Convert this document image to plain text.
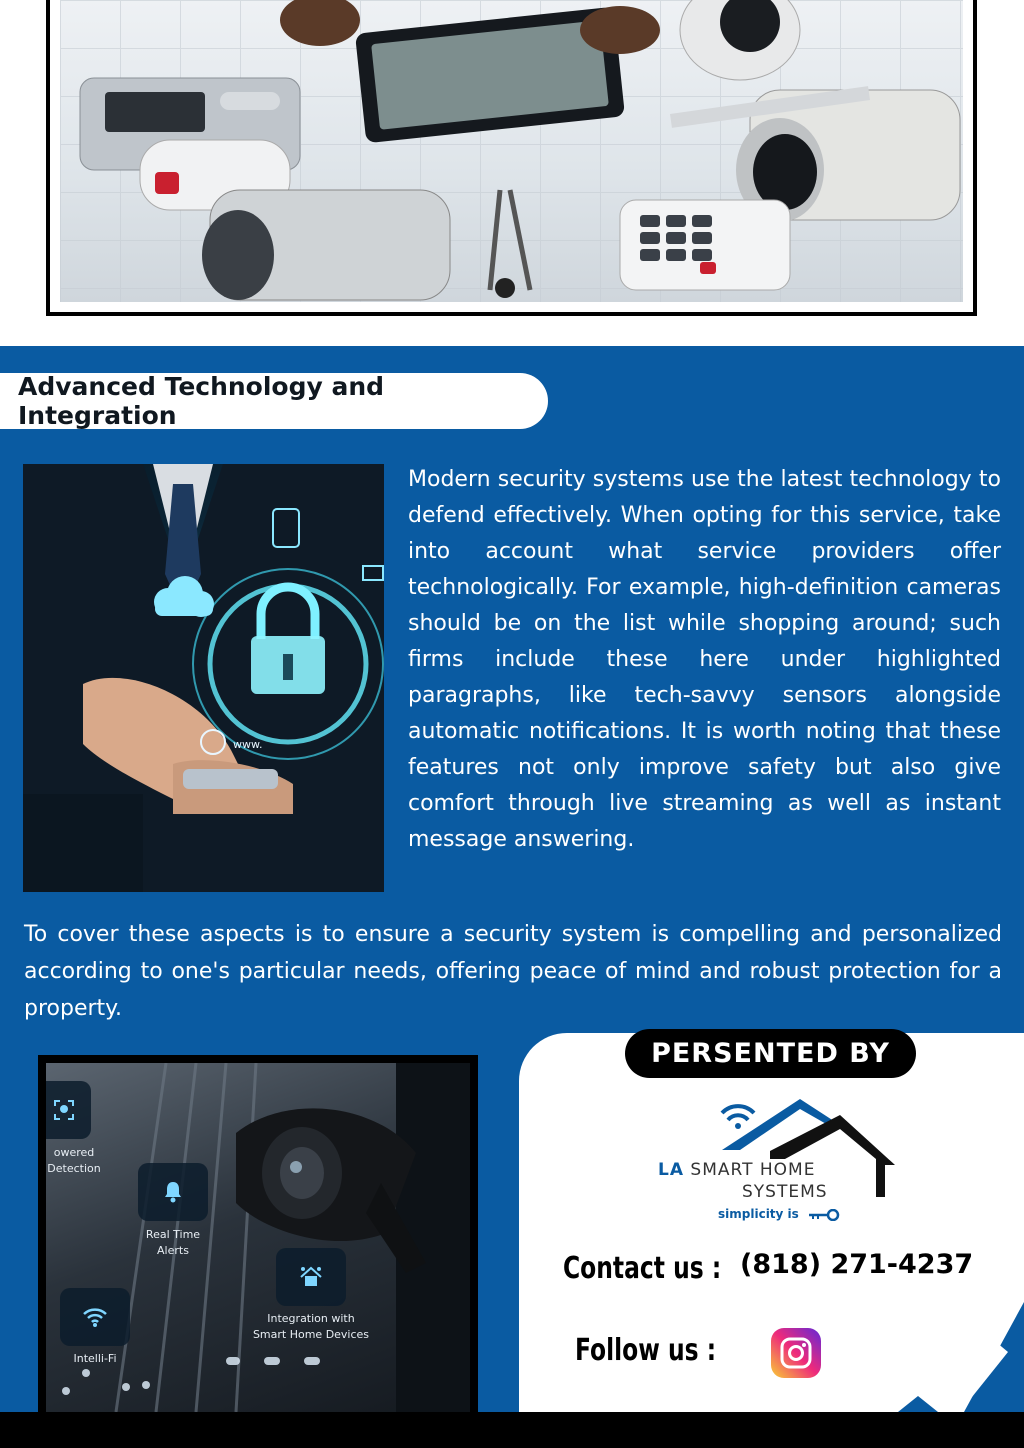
Advanced Technology and Integration
www.

Modern security systems use the latest technology to defend effectively. When opting for this service, take into account what service providers offer technologically. For example, high-definition cameras should be on the list while shopping around; such firms include these here under highlighted paragraphs, like tech-savvy sensors alongside automatic notifications. It is worth noting that these features not only improve safety but also give comfort through live streaming as well as instant message answering.

To cover these aspects is to ensure a security system is compelling and personalized according to one's particular needs, offering peace of mind and robust protection for a property.

owered
Detection
Real Time
Alerts
Integration with
Smart Home Devices
Intelli-Fi
PERSENTED BY
LA SMART HOME
SYSTEMS
simplicity is
Contact us : (818) 271-4237
Follow us :
